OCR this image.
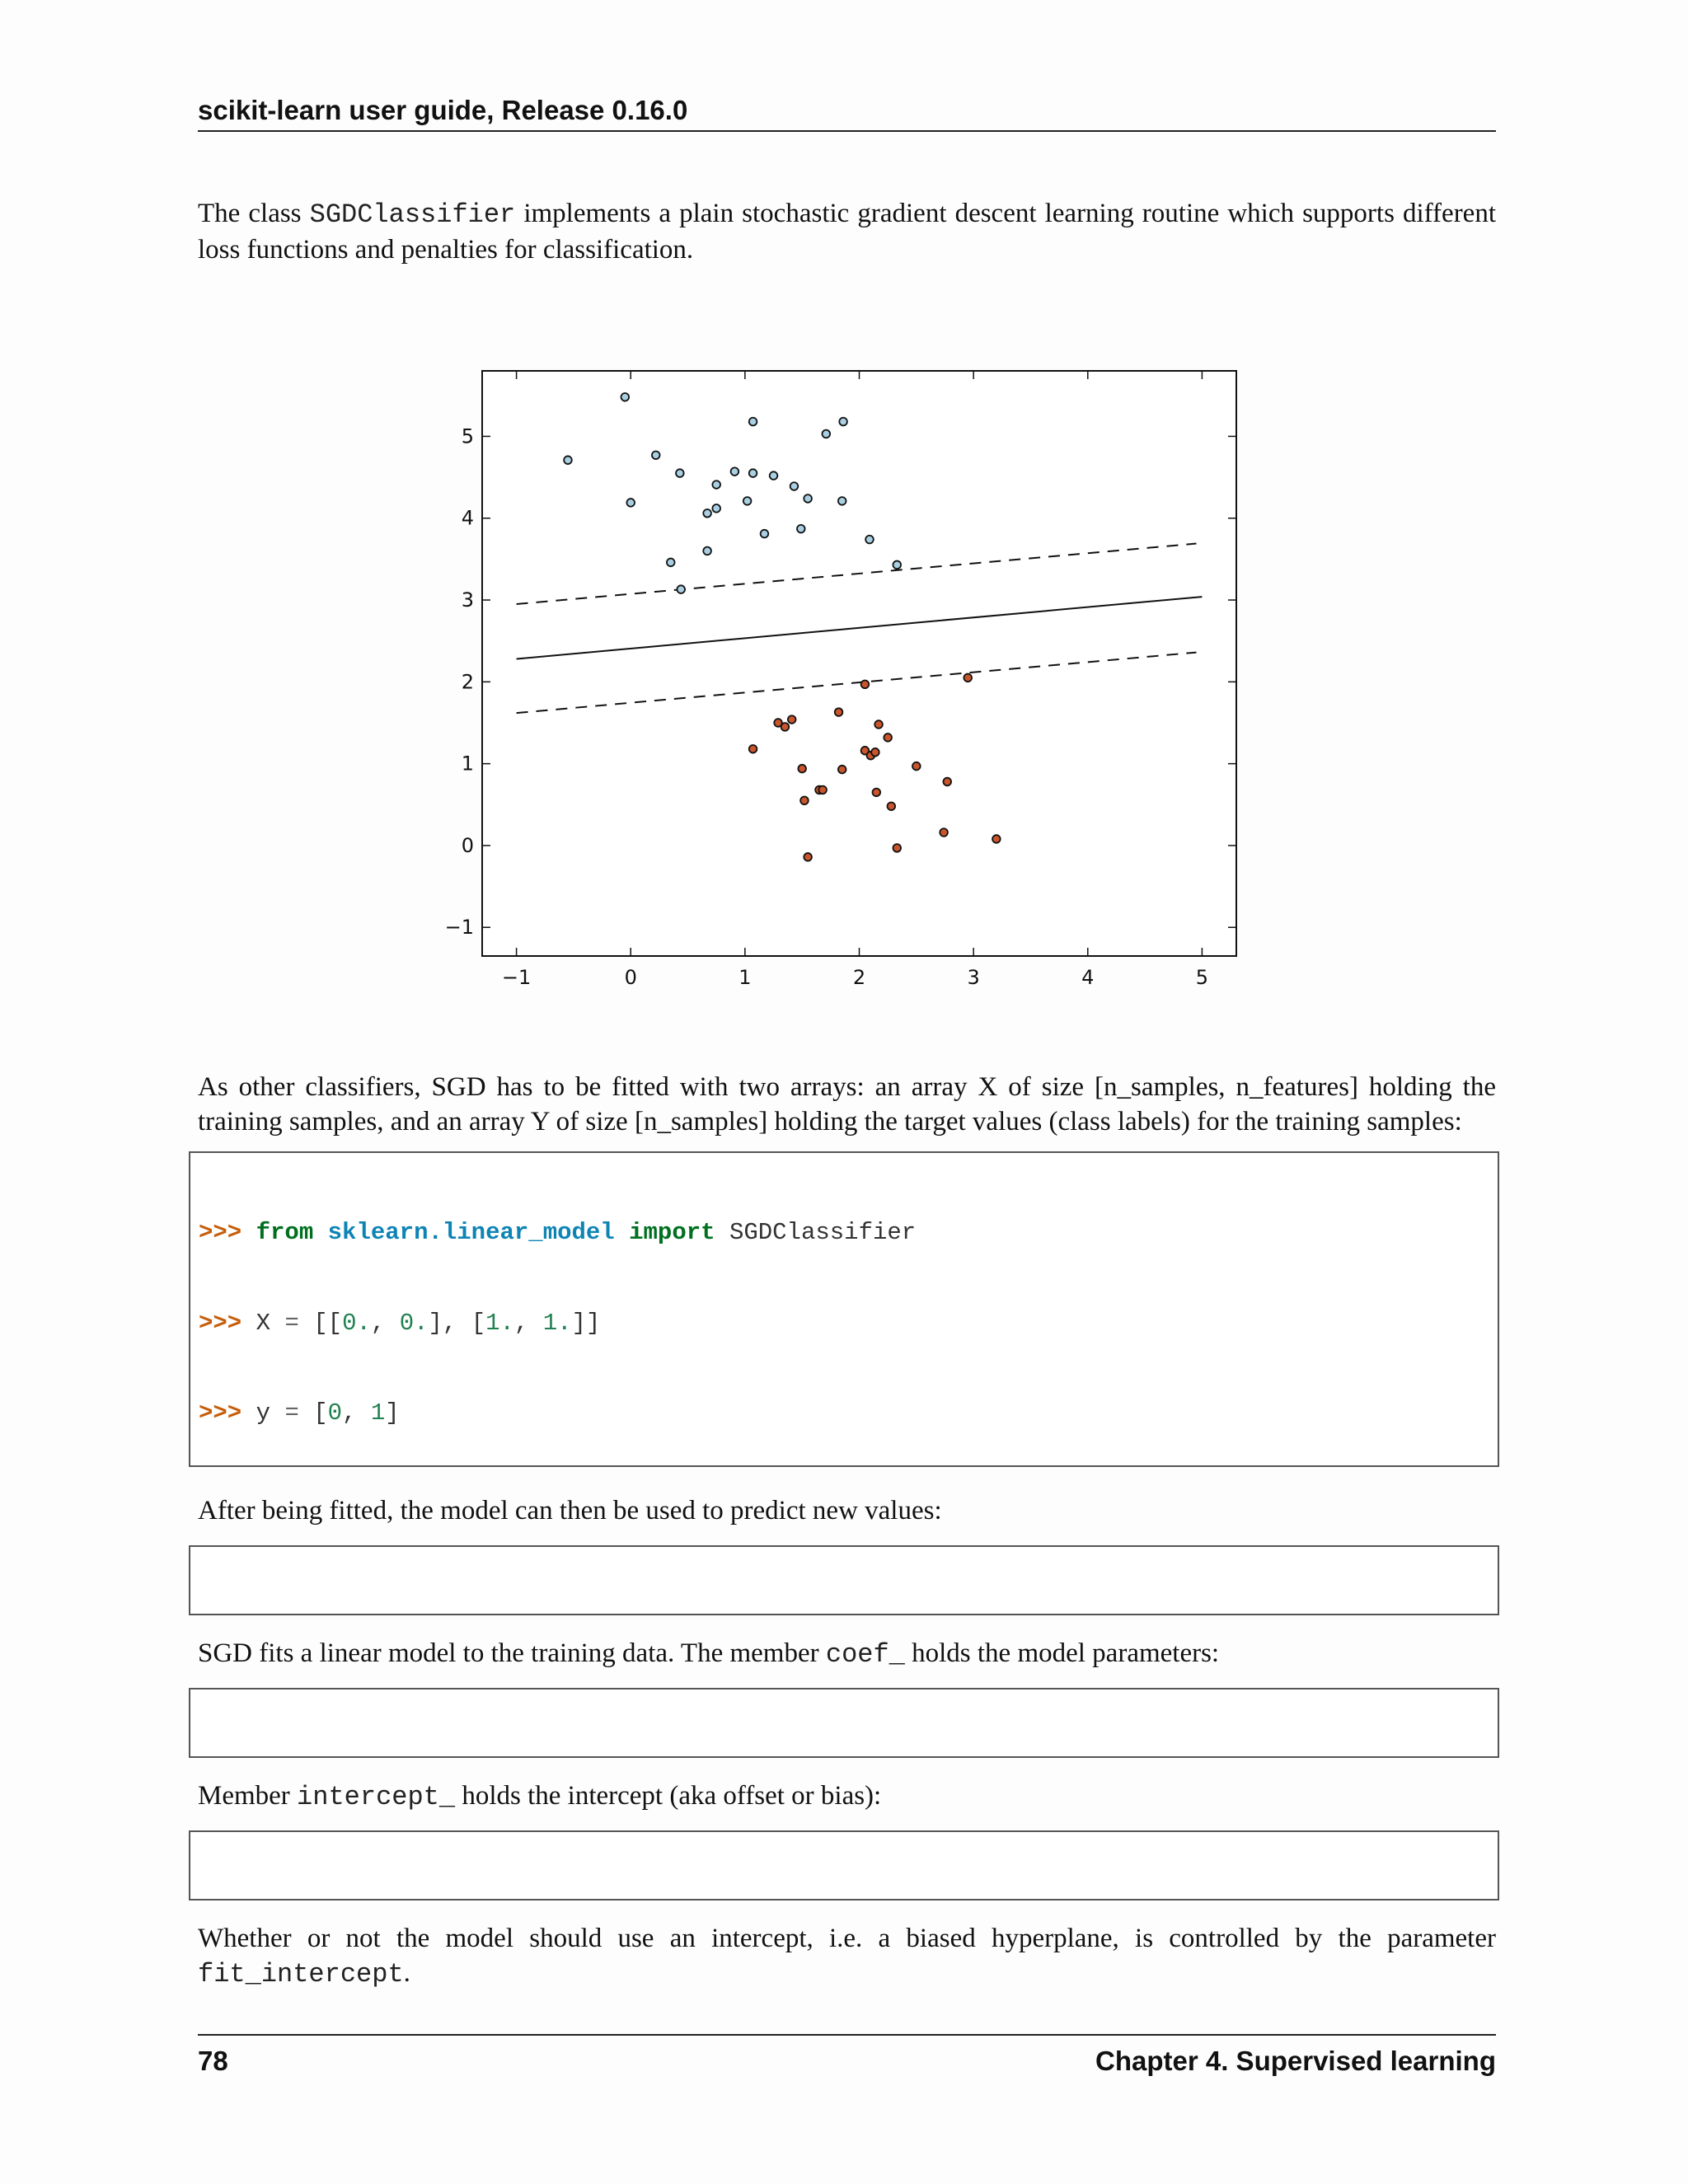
scikit-learn user guide, Release 0.16.0
The class SGDClassifier implements a plain stochastic gradient descent learning routine which supports different loss functions and penalties for classification.
−1	0	1	2	3	4	5
−1
0
1
2
3
4
5
As other classifiers, SGD has to be fitted with two arrays: an array X of size [n_samples, n_features] holding the training samples, and an array Y of size [n_samples] holding the target values (class labels) for the training samples:

>>> from sklearn.linear_model import SGDClassifier

>>> X = [[0., 0.], [1., 1.]]

>>> y = [0, 1]

After being fitted, the model can then be used to predict new values:

SGD fits a linear model to the training data. The member coef_ holds the model parameters:

Member intercept_ holds the intercept (aka offset or bias):

Whether or not the model should use an intercept, i.e. a biased hyperplane, is controlled by the parameter fit_intercept.
78	Chapter 4. Supervised learning
